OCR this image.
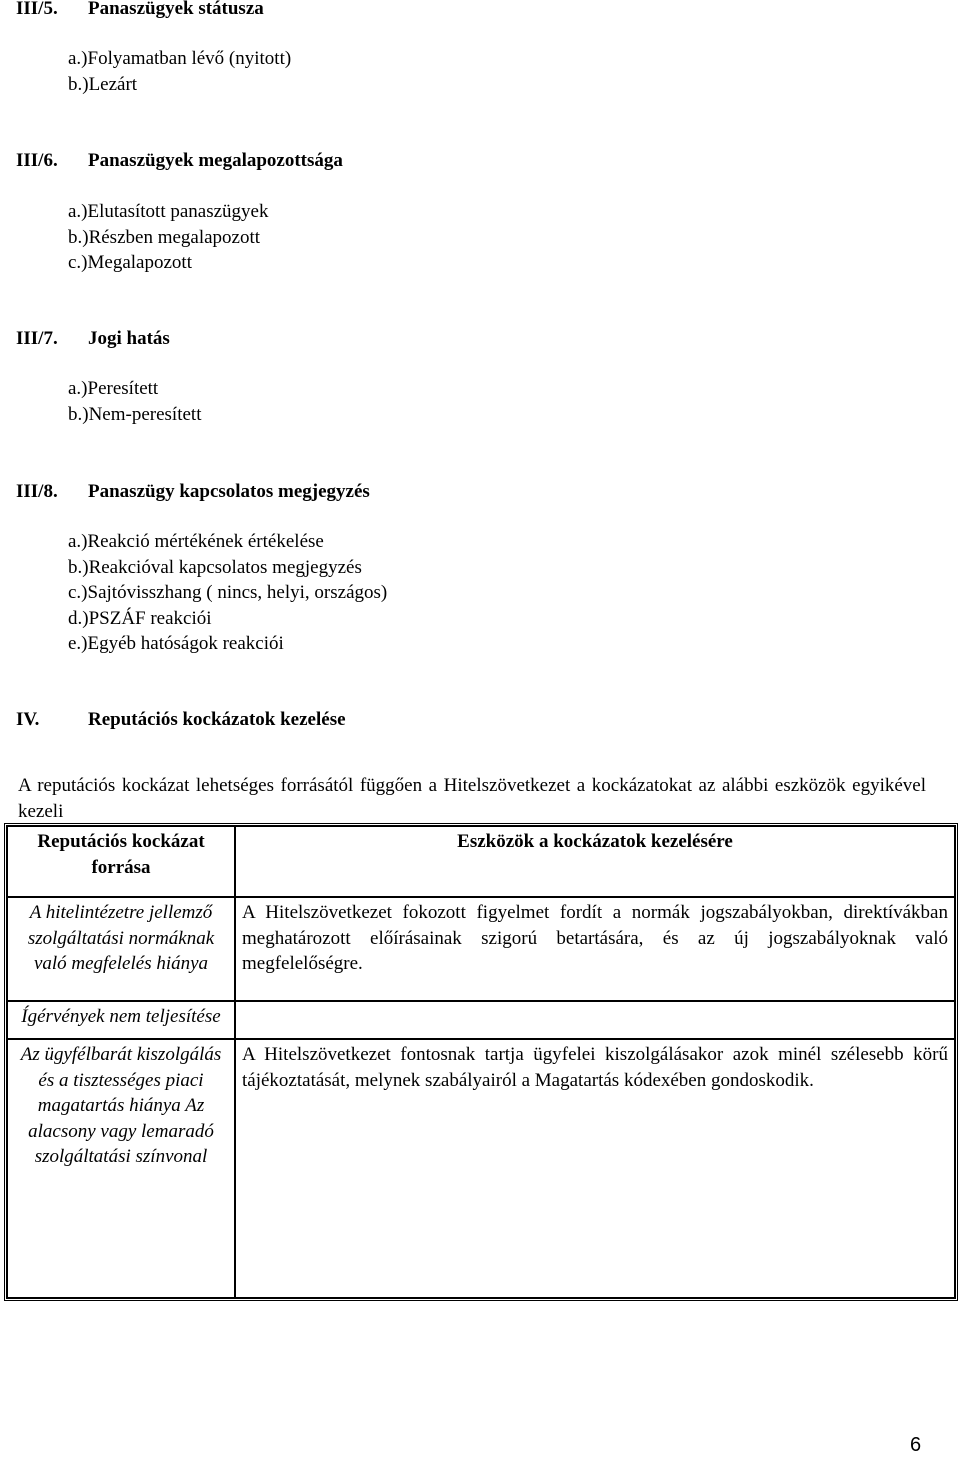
III/5. Panaszügyek státusza
a.)Folyamatban lévő (nyitott)
b.)Lezárt
III/6. Panaszügyek megalapozottsága
a.)Elutasított panaszügyek
b.)Részben megalapozott
c.)Megalapozott
III/7. Jogi hatás
a.)Peresített
b.)Nem-peresített
III/8. Panaszügy kapcsolatos megjegyzés
a.)Reakció mértékének értékelése
b.)Reakcióval kapcsolatos megjegyzés
c.)Sajtóvisszhang ( nincs, helyi, országos)
d.)PSZÁF reakciói
e.)Egyéb hatóságok reakciói
IV.	Reputációs kockázatok kezelése

A reputációs kockázat lehetséges forrásától függően a Hitelszövetkezet a kockázatokat az alábbi eszközök egyikével kezeli

Reputációs kockázat forrása	Eszközök a kockázatok kezelésére
A hitelintézetre jellemző szolgáltatási normáknak való megfelelés hiánya	A Hitelszövetkezet fokozott figyelmet fordít a normák jogszabályokban, direktívákban meghatározott előírásainak szigorú betartására, és az új jogszabályoknak való megfelelőségre.
Ígérvények nem teljesítése	
Az ügyfélbarát kiszolgálás és a tisztességes piaci magatartás hiánya Az alacsony vagy lemaradó szolgáltatási színvonal	A Hitelszövetkezet fontosnak tartja ügyfelei kiszolgálásakor azok minél szélesebb körű tájékoztatását, melynek szabályairól a Magatartás kódexében gondoskodik.
6
